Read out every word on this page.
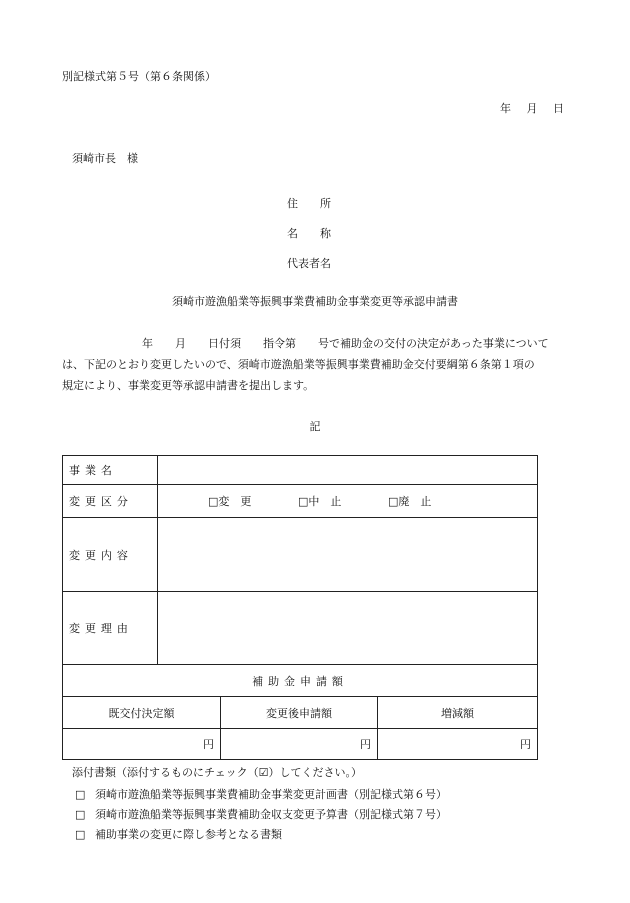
別記様式第５号（第６条関係）
年 月 日
須崎市長　様
住　　所
名　　称
代表者名
須崎市遊漁船業等振興事業費補助金事業変更等承認申請書
年　　月　　日付須　　指令第　　号で補助金の交付の決定があった事業について
は、下記のとおり変更したいので、須崎市遊漁船業等振興事業費補助金交付要綱第６条第１項の
規定により、事業変更等承認申請書を提出します。
記
事業名			
変更区分	□変　更 □中　止 □廃　止		

変更内容			
変更理由			
補助金申請額			
既交付決定額		変更後申請額	増減額
円		円	円
添付書類（添付するものにチェック（☑）してください。）
□ 須崎市遊漁船業等振興事業費補助金事業変更計画書（別記様式第６号）
□ 須崎市遊漁船業等振興事業費補助金収支変更予算書（別記様式第７号）
□ 補助事業の変更に際し参考となる書類
